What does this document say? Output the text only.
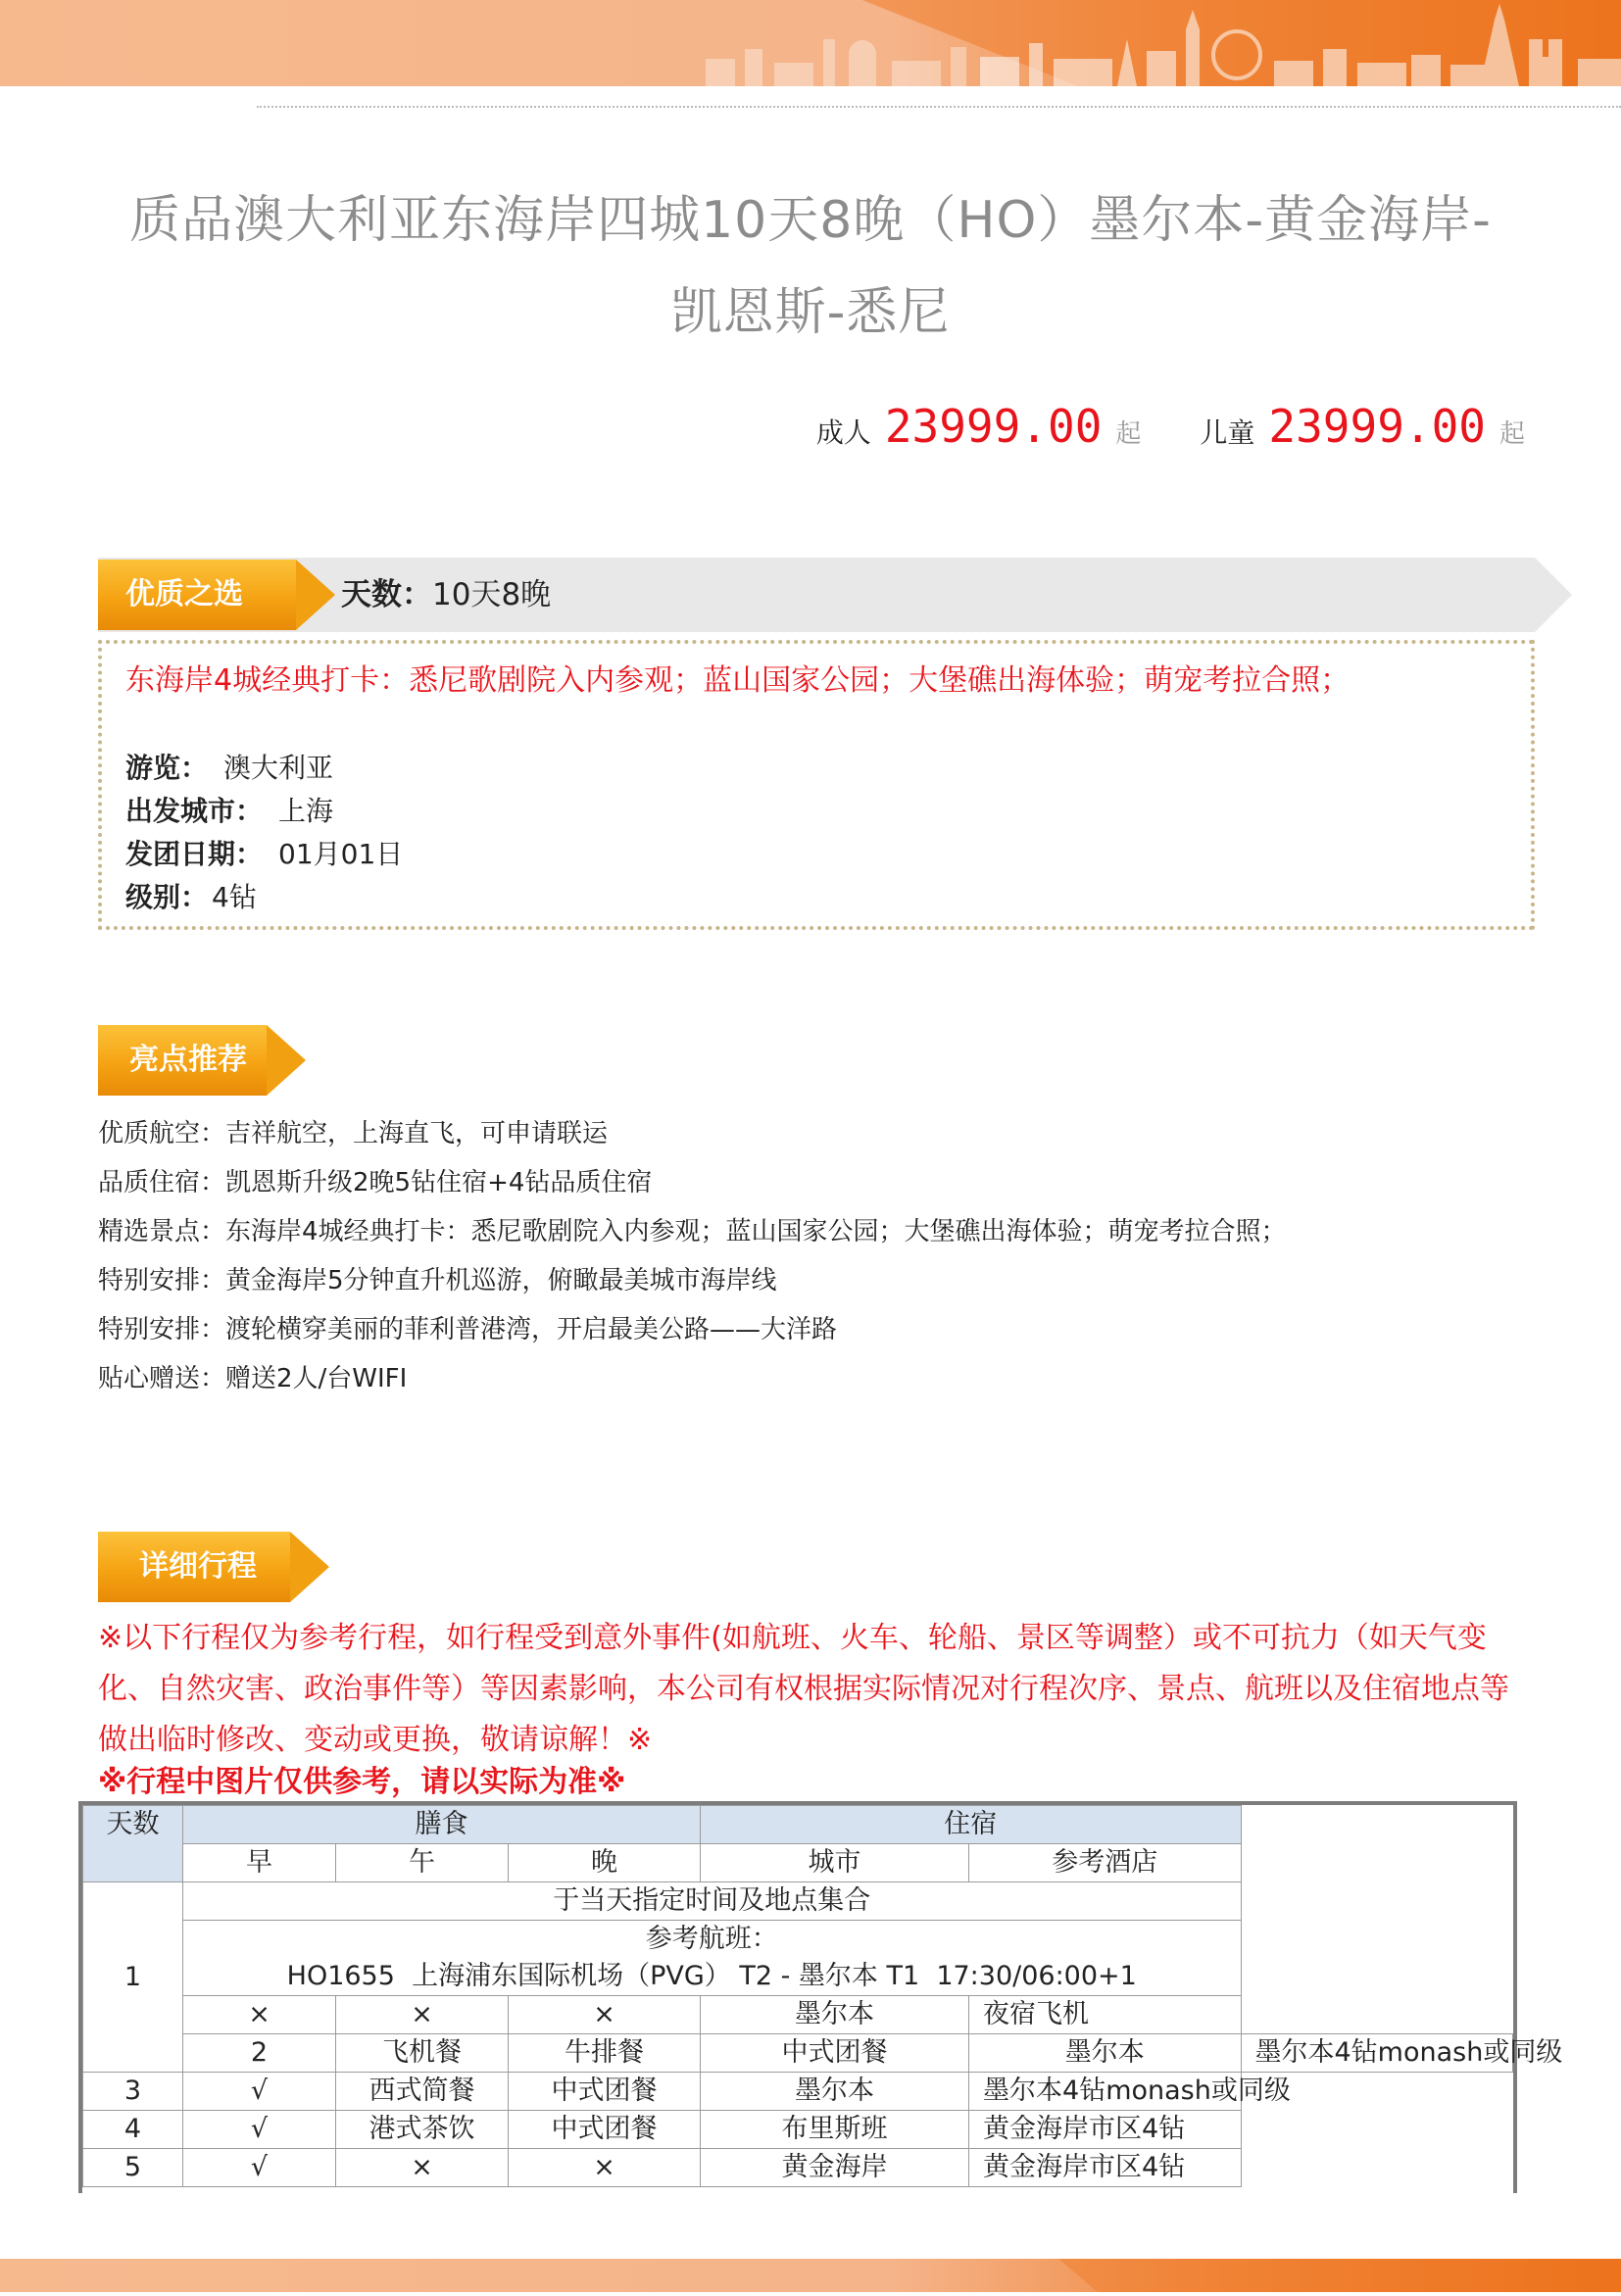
质品澳大利亚东海岸四城10天8晚（HO）墨尔本-黄金海岸-
凯恩斯-悉尼
成人 23999.00 起 儿童 23999.00 起
优质之选	天数：10天8晚
东海岸4城经典打卡：悉尼歌剧院入内参观；蓝山国家公园；大堡礁出海体验；萌宠考拉合照；
游览： 澳大利亚
出发城市： 上海
发团日期： 01月01日
级别： 4钻
亮点推荐
优质航空：吉祥航空，上海直飞，可申请联运
品质住宿：凯恩斯升级2晚5钻住宿+4钻品质住宿
精选景点：东海岸4城经典打卡：悉尼歌剧院入内参观；蓝山国家公园；大堡礁出海体验；萌宠考拉合照；
特别安排：黄金海岸5分钟直升机巡游，俯瞰最美城市海岸线
特别安排：渡轮横穿美丽的菲利普港湾，开启最美公路——大洋路
贴心赠送：赠送2人/台WIFI
详细行程
※以下行程仅为参考行程，如行程受到意外事件(如航班、火车、轮船、景区等调整）或不可抗力（如天气变化、自然灾害、政治事件等）等因素影响，本公司有权根据实际情况对行程次序、景点、航班以及住宿地点等做出临时修改、变动或更换，敬请谅解！※
※行程中图片仅供参考，请以实际为准※
天数	膳食			住宿		
	早	午	晚	城市	参考酒店	
1	于当天指定时间及地点集合					

	参考航班：
HO1655  上海浦东国际机场（PVG） T2 - 墨尔本 T1  17:30/06:00+1					

	×	×	×	墨尔本	夜宿飞机	
	2	飞机餐	牛排餐	中式团餐	墨尔本	墨尔本4钻monash或同级
3	√	西式简餐	中式团餐	墨尔本	墨尔本4钻monash或同级	
4	√	港式茶饮	中式团餐	布里斯班	黄金海岸市区4钻	
5	√	×	×	黄金海岸	黄金海岸市区4钻	
